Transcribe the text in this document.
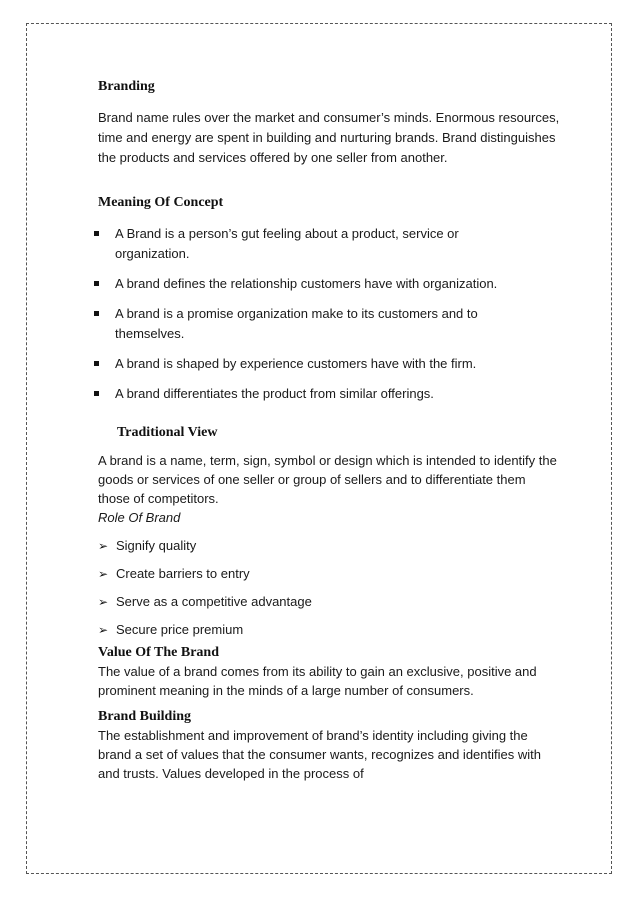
Branding

Brand name rules over the market and consumer’s minds. Enormous resources, time and energy are spent in building and nurturing brands. Brand distinguishes the products and services offered by one seller from another.

Meaning Of Concept
A Brand is a person’s gut feeling about a product, service or organization.
A brand defines the relationship customers have with organization.
A brand is a promise organization make to its customers and to themselves.
A brand is shaped by experience customers have with the firm.
A brand differentiates the product from similar offerings.
Traditional View

A brand is a name, term, sign, symbol or design which is intended to identify the goods or services of one seller or group of sellers and to differentiate them those of competitors.

Role Of Brand
➢ Signify quality
➢ Create barriers to entry
➢ Serve as a competitive advantage
➢ Secure price premium
Value Of The Brand

The value of a brand comes from its ability to gain an exclusive, positive and prominent meaning in the minds of a large number of consumers.

Brand Building

The establishment and improvement of brand’s identity including giving the brand a set of values that the consumer wants, recognizes and identifies with and trusts. Values developed in the process of
